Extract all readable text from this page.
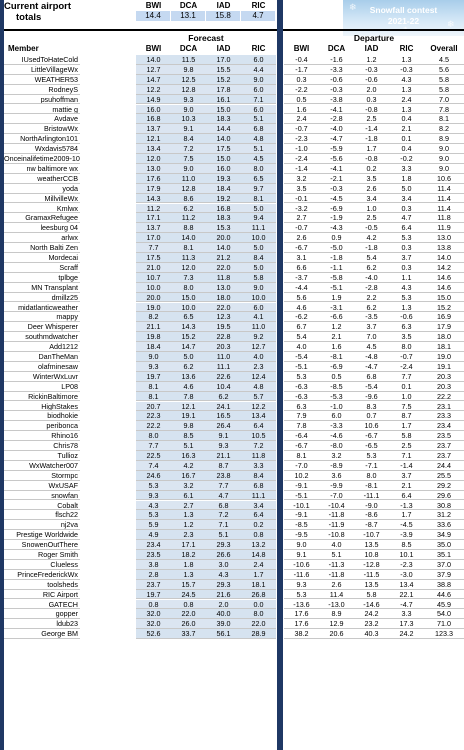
Current airport
totals
BWI	DCA	IAD	RIC
14.4	13.1	15.8	4.7
❄
❄
Snowfall contest
2021-22
Forecast	Departure
Member	BWI	DCA	IAD	RIC	BWI	DCA	IAD	RIC	Overall
IUsedToHateCold	14.0	11.5	17.0	6.0	-0.4	-1.6	1.2	1.3	4.5
LittleVillageWx	12.7	9.8	15.5	4.4	-1.7	-3.3	-0.3	-0.3	5.6
WEATHER53	14.7	12.5	15.2	9.0	0.3	-0.6	-0.6	4.3	5.8
RodneyS	12.2	12.8	17.8	6.0	-2.2	-0.3	2.0	1.3	5.8
psuhoffman	14.9	9.3	16.1	7.1	0.5	-3.8	0.3	2.4	7.0
mattie g	16.0	9.0	15.0	6.0	1.6	-4.1	-0.8	1.3	7.8
Avdave	16.8	10.3	18.3	5.1	2.4	-2.8	2.5	0.4	8.1
BristowWx	13.7	9.1	14.4	6.8	-0.7	-4.0	-1.4	2.1	8.2
NorthArlington101	12.1	8.4	14.0	4.8	-2.3	-4.7	-1.8	0.1	8.9
Wxdavis5784	13.4	7.2	17.5	5.1	-1.0	-5.9	1.7	0.4	9.0
Onceinalifetime2009-10	12.0	7.5	15.0	4.5	-2.4	-5.6	-0.8	-0.2	9.0
nw baltimore wx	13.0	9.0	16.0	8.0	-1.4	-4.1	0.2	3.3	9.0
weatherCCB	17.6	11.0	19.3	6.5	3.2	-2.1	3.5	1.8	10.6
yoda	17.9	12.8	18.4	9.7	3.5	-0.3	2.6	5.0	11.4
MillvilleWx	14.3	8.6	19.2	8.1	-0.1	-4.5	3.4	3.4	11.4
Kmlwx	11.2	6.2	16.8	5.0	-3.2	-6.9	1.0	0.3	11.4
GramaxRefugee	17.1	11.2	18.3	9.4	2.7	-1.9	2.5	4.7	11.8
leesburg 04	13.7	8.8	15.3	11.1	-0.7	-4.3	-0.5	6.4	11.9
arlwx	17.0	14.0	20.0	10.0	2.6	0.9	4.2	5.3	13.0
North Balti Zen	7.7	8.1	14.0	5.0	-6.7	-5.0	-1.8	0.3	13.8
Mordecai	17.5	11.3	21.2	8.4	3.1	-1.8	5.4	3.7	14.0
Scraff	21.0	12.0	22.0	5.0	6.6	-1.1	6.2	0.3	14.2
tplbge	10.7	7.3	11.8	5.8	-3.7	-5.8	-4.0	1.1	14.6
MN Transplant	10.0	8.0	13.0	9.0	-4.4	-5.1	-2.8	4.3	14.6
dmillz25	20.0	15.0	18.0	10.0	5.6	1.9	2.2	5.3	15.0
midatlanticweather	19.0	10.0	22.0	6.0	4.6	-3.1	6.2	1.3	15.2
mappy	8.2	6.5	12.3	4.1	-6.2	-6.6	-3.5	-0.6	16.9
Deer Whisperer	21.1	14.3	19.5	11.0	6.7	1.2	3.7	6.3	17.9
southmdwatcher	19.8	15.2	22.8	9.2	5.4	2.1	7.0	3.5	18.0
Add1212	18.4	14.7	20.3	12.7	4.0	1.6	4.5	8.0	18.1
DanTheMan	9.0	5.0	11.0	4.0	-5.4	-8.1	-4.8	-0.7	19.0
olafminesaw	9.3	6.2	11.1	2.3	-5.1	-6.9	-4.7	-2.4	19.1
WinterWxLuvr	19.7	13.6	22.6	12.4	5.3	0.5	6.8	7.7	20.3
LP08	8.1	4.6	10.4	4.8	-6.3	-8.5	-5.4	0.1	20.3
RickinBaltimore	8.1	7.8	6.2	5.7	-6.3	-5.3	-9.6	1.0	22.2
HighStakes	20.7	12.1	24.1	12.2	6.3	-1.0	8.3	7.5	23.1
biodhokie	22.3	19.1	16.5	13.4	7.9	6.0	0.7	8.7	23.3
peribonca	22.2	9.8	26.4	6.4	7.8	-3.3	10.6	1.7	23.4
Rhino16	8.0	8.5	9.1	10.5	-6.4	-4.6	-6.7	5.8	23.5
Chris78	7.7	5.1	9.3	7.2	-6.7	-8.0	-6.5	2.5	23.7
Tullioz	22.5	16.3	21.1	11.8	8.1	3.2	5.3	7.1	23.7
WxWatcher007	7.4	4.2	8.7	3.3	-7.0	-8.9	-7.1	-1.4	24.4
Stormpc	24.6	16.7	23.8	8.4	10.2	3.6	8.0	3.7	25.5
WxUSAF	5.3	3.2	7.7	6.8	-9.1	-9.9	-8.1	2.1	29.2
snowfan	9.3	6.1	4.7	11.1	-5.1	-7.0	-11.1	6.4	29.6
Cobalt	4.3	2.7	6.8	3.4	-10.1	-10.4	-9.0	-1.3	30.8
flsch22	5.3	1.3	7.2	6.4	-9.1	-11.8	-8.6	1.7	31.2
nj2va	5.9	1.2	7.1	0.2	-8.5	-11.9	-8.7	-4.5	33.6
Prestige Worldwide	4.9	2.3	5.1	0.8	-9.5	-10.8	-10.7	-3.9	34.9
SnowenOutThere	23.4	17.1	29.3	13.2	9.0	4.0	13.5	8.5	35.0
Roger Smith	23.5	18.2	26.6	14.8	9.1	5.1	10.8	10.1	35.1
Clueless	3.8	1.8	3.0	2.4	-10.6	-11.3	-12.8	-2.3	37.0
PrinceFrederickWx	2.8	1.3	4.3	1.7	-11.6	-11.8	-11.5	-3.0	37.9
toolsheds	23.7	15.7	29.3	18.1	9.3	2.6	13.5	13.4	38.8
RIC Airport	19.7	24.5	21.6	26.8	5.3	11.4	5.8	22.1	44.6
GATECH	0.8	0.8	2.0	0.0	-13.6	-13.0	-14.6	-4.7	45.9
gopper	32.0	22.0	40.0	8.0	17.6	8.9	24.2	3.3	54.0
ldub23	32.0	26.0	39.0	22.0	17.6	12.9	23.2	17.3	71.0
George BM	52.6	33.7	56.1	28.9	38.2	20.6	40.3	24.2	123.3
